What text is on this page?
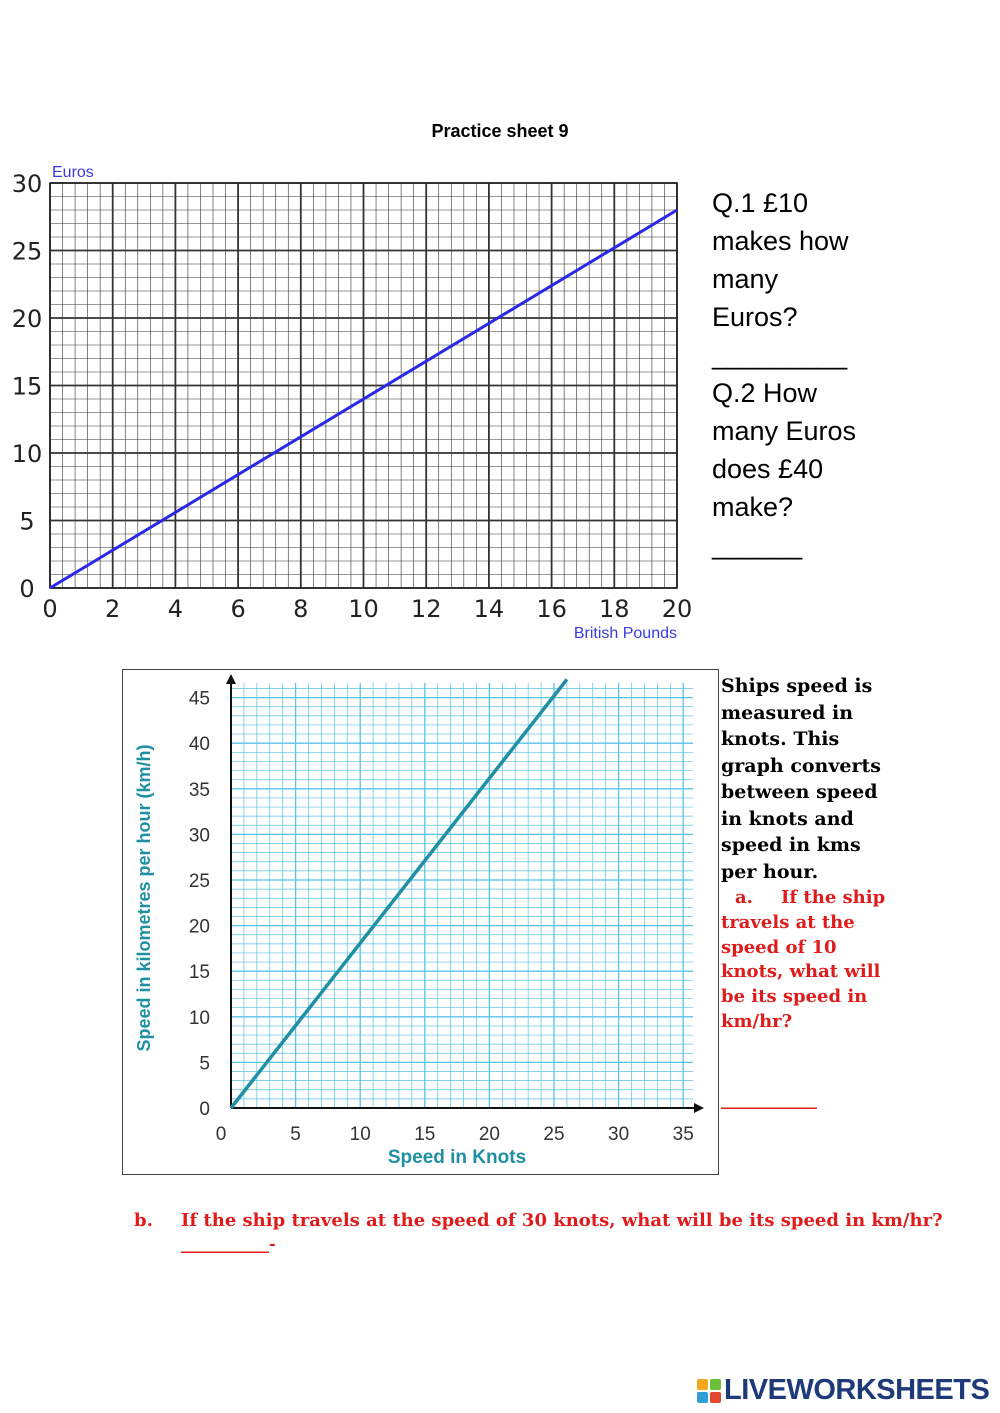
Practice sheet 9
0 2 4 6 8 10 12 14 16 18 20
0
5
10
15
20
25
30
British Pounds
Euros
0	5	10 15 20 25 30 35
0
5
10
15
20
25
30
35
40
45
Speed in Knots
Speed in kilometres per hour (km/h)
Q.1 £10
makes how
many
Euros?
_________
Q.2 How
many Euros
does £40
make?
______
Ships speed is
measured in
knots. This
graph converts
between speed
in knots and
speed in kms
per hour.
a. If the ship
travels at the
speed of 10
knots, what will
be its speed in
km/hr?
____________
b. If the ship travels at the speed of 30 knots, what will be its speed in km/hr?
___________-
LIVEWORKSHEETS
